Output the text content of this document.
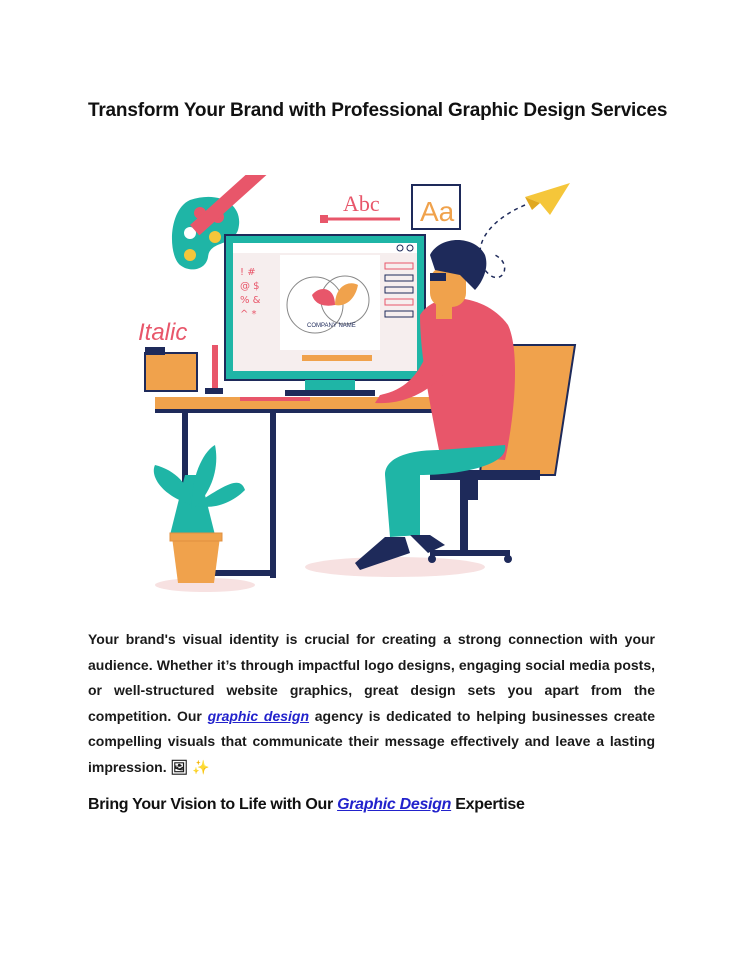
Transform Your Brand with Professional Graphic Design Services
Abc Aa
Italic	COMPANY NAME
! #
@ $
% &
^ *

Your brand's visual identity is crucial for creating a strong connection with your audience. Whether it’s through impactful logo designs, engaging social media posts, or well-structured website graphics, great design sets you apart from the competition. Our graphic design agency is dedicated to helping businesses create compelling visuals that communicate their message effectively and leave a lasting impression. 🖼 ✨

Bring Your Vision to Life with Our Graphic Design Expertise
